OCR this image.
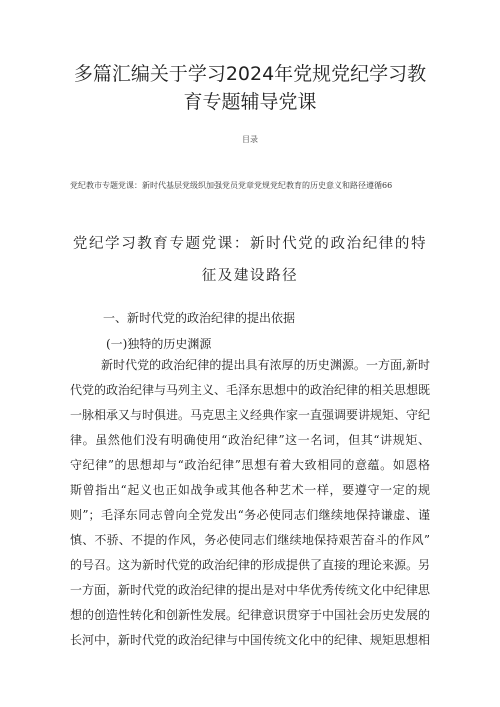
多篇汇编关于学习2024年党规党纪学习教
育专题辅导党课
目录
党纪教市专题党课：新时代基层党级织加强党员党章党规党纪教育的历史意义和路径遵循66
党纪学习教育专题党课：新时代党的政治纪律的特
征及建设路径
一、新时代党的政治纪律的提出依据
(一)独特的历史渊源
新时代党的政治纪律的提出具有浓厚的历史渊源。一方面,新时
代党的政治纪律与马列主义、毛泽东思想中的政治纪律的相关思想既
一脉相承又与时俱进。马克思主义经典作家一直强调要讲规矩、守纪
律。虽然他们没有明确使用“政治纪律”这一名词，但其“讲规矩、
守纪律”的思想却与“政治纪律”思想有着大致相同的意蕴。如恩格
斯曾指出“起义也正如战争或其他各种艺术一样，要遵守一定的规
则”；毛泽东同志曾向全党发出“务必使同志们继续地保持谦虚、谨
慎、不骄、不提的作风，务必使同志们继续地保持艰苦奋斗的作风”
的号召。这为新时代党的政治纪律的形成提供了直接的理论来源。另
一方面，新时代党的政治纪律的提出是对中华优秀传统文化中纪律思
想的创造性转化和创新性发展。纪律意识贯穿于中国社会历史发展的
长河中，新时代党的政治纪律与中国传统文化中的纪律、规矩思想相
